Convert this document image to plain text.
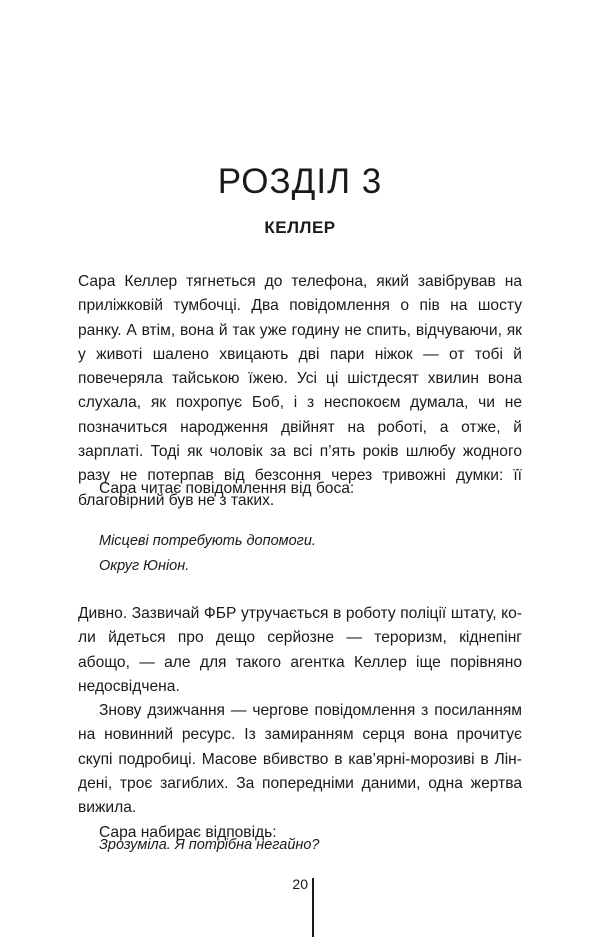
РОЗДІЛ 3
КЕЛЛЕР

Сара Келлер тягнеться до телефона, який завібрував на приліжковій тумбочці. Два повідомлення о пів на шосту ранку. А втім, вона й так уже годину не спить, відчуваючи, як у животі шалено хвицають дві пари ніжок — от тобі й повечеряла тайською їжею. Усі ці шістдесят хвилин вона слухала, як похропує Боб, і з неспокоєм думала, чи не позначиться народження двійнят на роботі, а отже, й зарплаті. Тоді як чоловік за всі п’ять років шлюбу жодного разу не потерпав від безсоння через тривожні думки: її благовірний був не з таких.

Сара читає повідомлення від боса:

Місцеві потребують допомоги.

Округ Юніон.

Дивно. Зазвичай ФБР утручається в роботу поліції штату, коли йдеться про дещо серйозне — тероризм, кіднепінг абощо, — але для такого агентка Келлер іще порівняно недосвідчена.

Знову дзижчання — чергове повідомлення з посиланням на новинний ресурс. Із замиранням серця вона прочитує скупі подробиці. Масове вбивство в кав’ярні-морозиві в Ліндені, троє загиблих. За попередніми даними, одна жертва вижила.

Сара набирає відповідь:

Зрозуміла. Я потрібна негайно?

20
